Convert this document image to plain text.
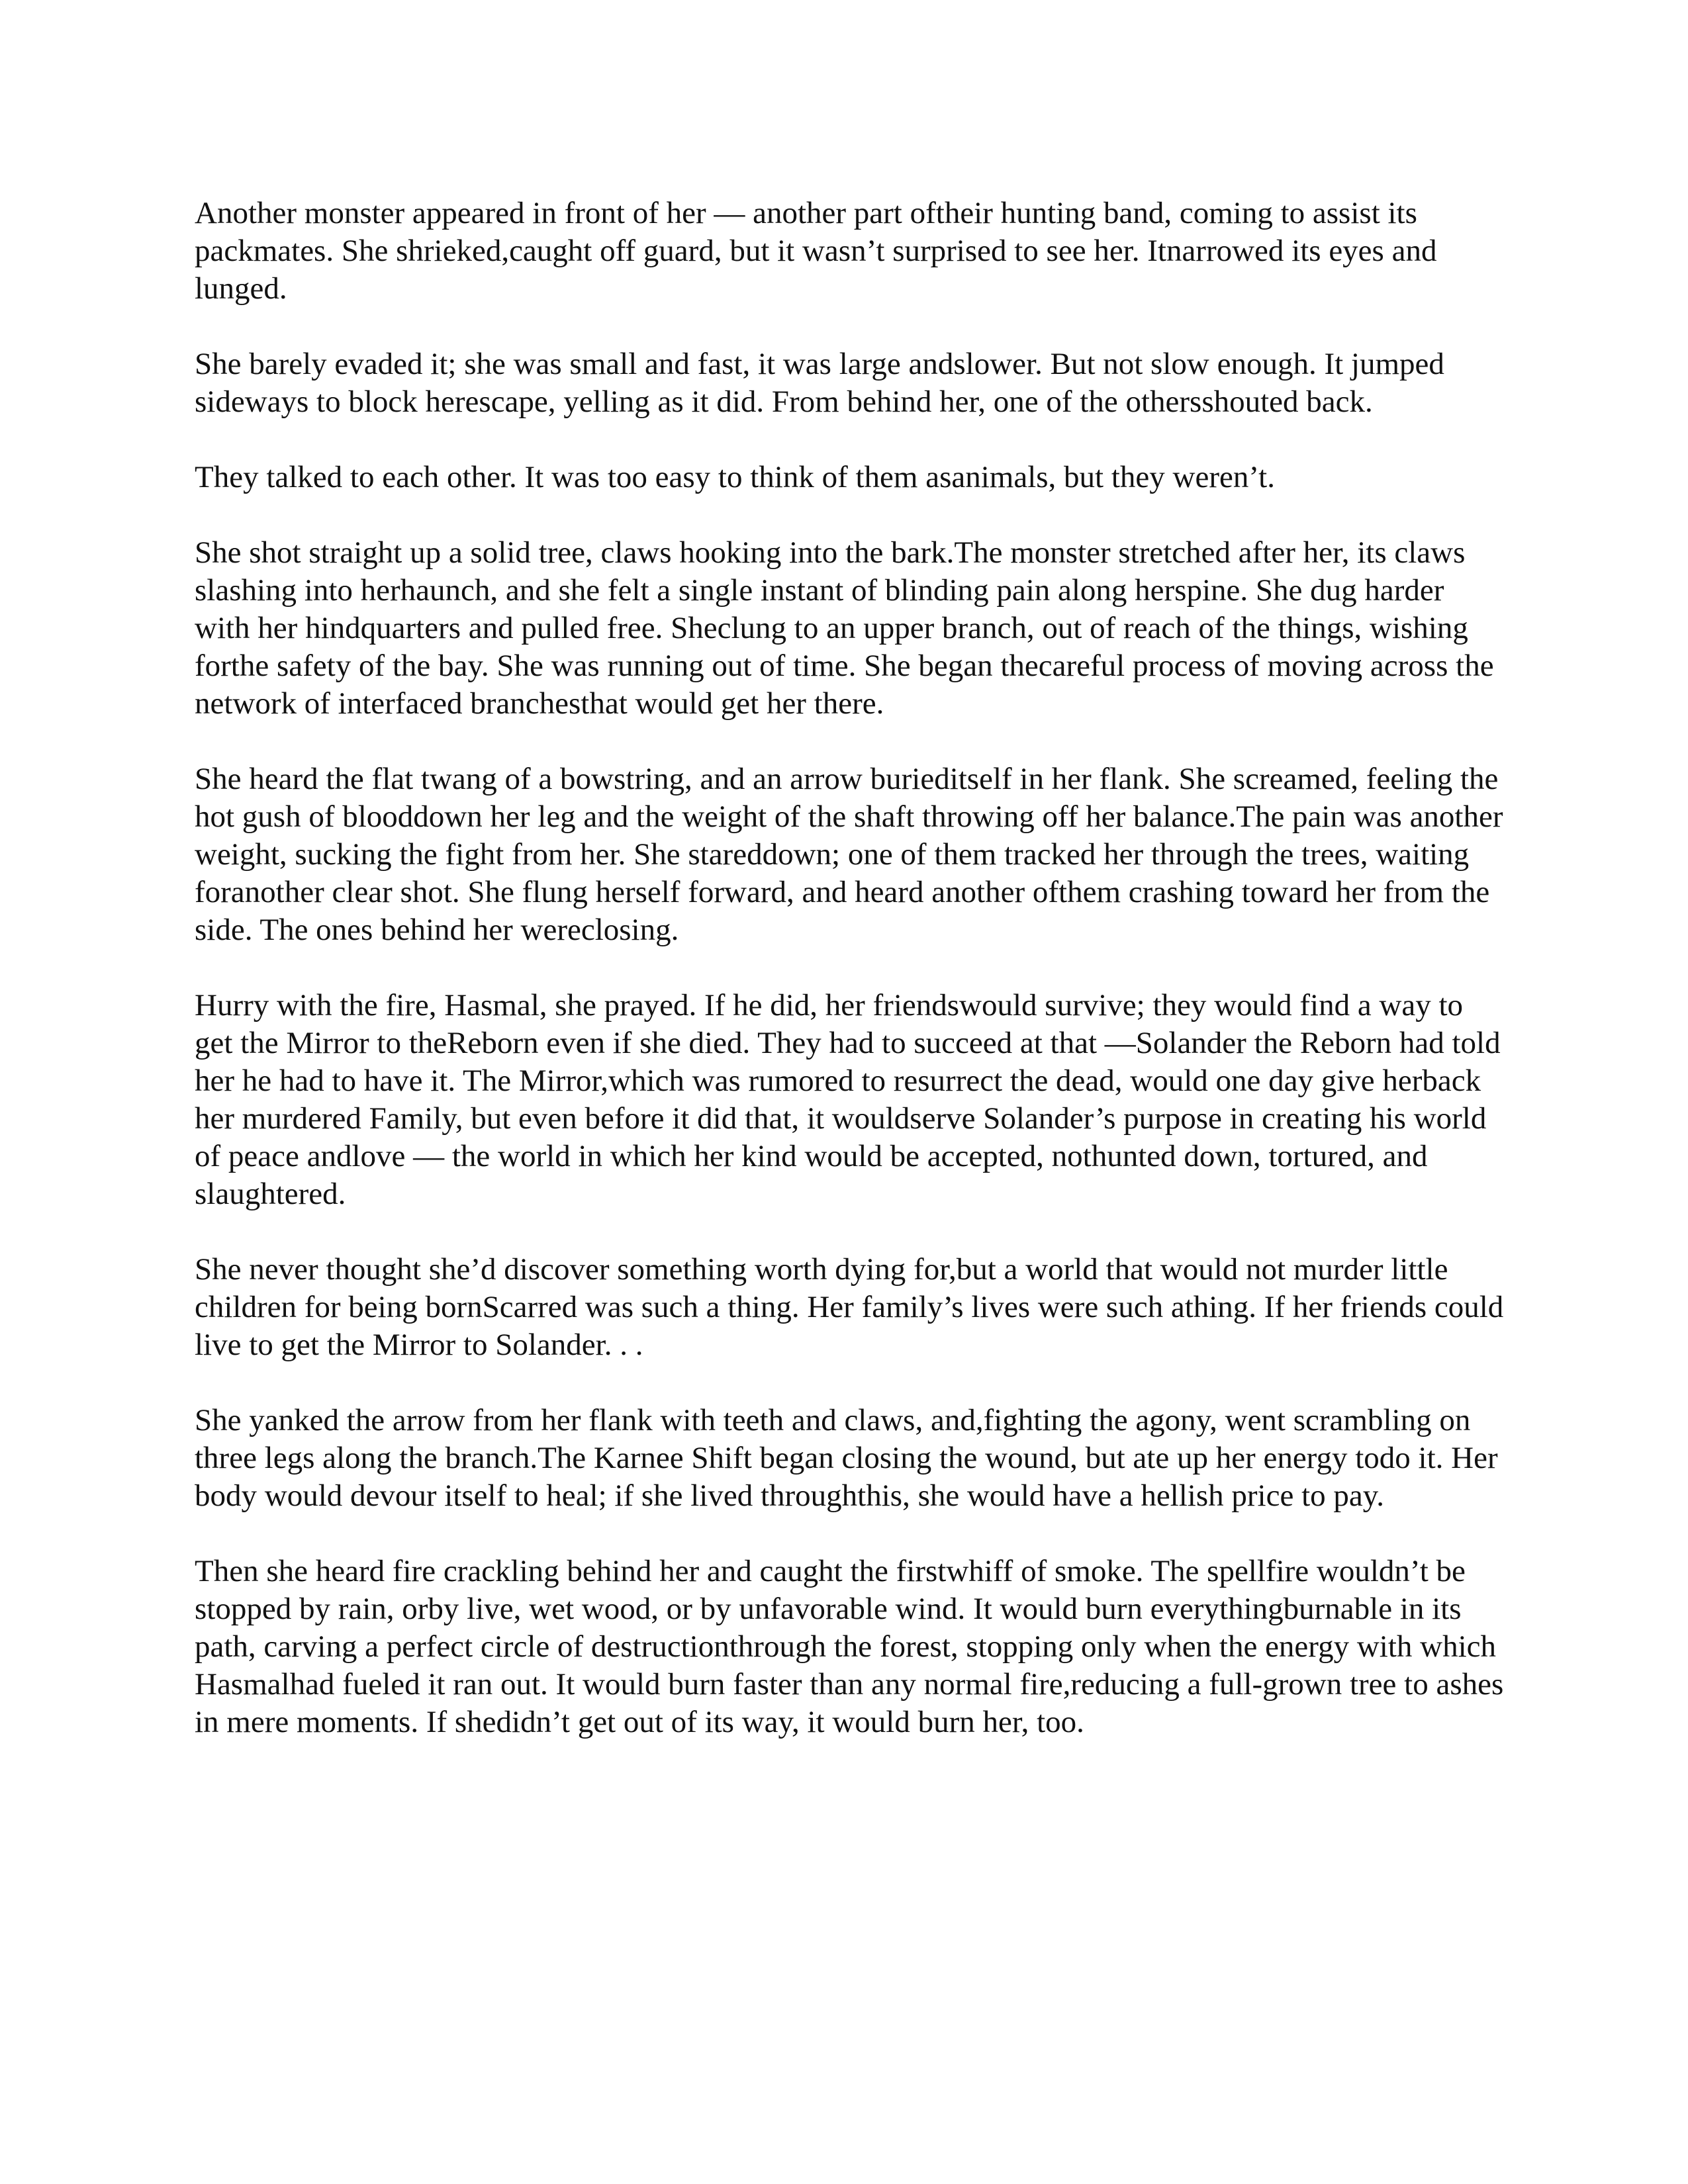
Another monster appeared in front of her — another part oftheir hunting band, coming to assist its packmates. She shrieked,caught off guard, but it wasn’t surprised to see her. Itnarrowed its eyes and lunged.

She barely evaded it; she was small and fast, it was large andslower. But not slow enough. It jumped sideways to block herescape, yelling as it did. From behind her, one of the othersshouted back.

They talked to each other. It was too easy to think of them asanimals, but they weren’t.

She shot straight up a solid tree, claws hooking into the bark.The monster stretched after her, its claws slashing into herhaunch, and she felt a single instant of blinding pain along herspine. She dug harder with her hindquarters and pulled free. Sheclung to an upper branch, out of reach of the things, wishing forthe safety of the bay. She was running out of time. She began thecareful process of moving across the network of interfaced branchesthat would get her there.

She heard the flat twang of a bowstring, and an arrow burieditself in her flank. She screamed, feeling the hot gush of blooddown her leg and the weight of the shaft throwing off her balance.The pain was another weight, sucking the fight from her. She stareddown; one of them tracked her through the trees, waiting foranother clear shot. She flung herself forward, and heard another ofthem crashing toward her from the side. The ones behind her wereclosing.

Hurry with the fire, Hasmal, she prayed. If he did, her friendswould survive; they would find a way to get the Mirror to theReborn even if she died. They had to succeed at that —Solander the Reborn had told her he had to have it. The Mirror,which was rumored to resurrect the dead, would one day give herback her murdered Family, but even before it did that, it wouldserve Solander’s purpose in creating his world of peace andlove — the world in which her kind would be accepted, nothunted down, tortured, and slaughtered.

She never thought she’d discover something worth dying for,but a world that would not murder little children for being bornScarred was such a thing. Her family’s lives were such athing. If her friends could live to get the Mirror to Solander. . .

She yanked the arrow from her flank with teeth and claws, and,fighting the agony, went scrambling on three legs along the branch.The Karnee Shift began closing the wound, but ate up her energy todo it. Her body would devour itself to heal; if she lived throughthis, she would have a hellish price to pay.

Then she heard fire crackling behind her and caught the firstwhiff of smoke. The spellfire wouldn’t be stopped by rain, orby live, wet wood, or by unfavorable wind. It would burn everythingburnable in its path, carving a perfect circle of destructionthrough the forest, stopping only when the energy with which Hasmalhad fueled it ran out. It would burn faster than any normal fire,reducing a full-grown tree to ashes in mere moments. If shedidn’t get out of its way, it would burn her, too.
